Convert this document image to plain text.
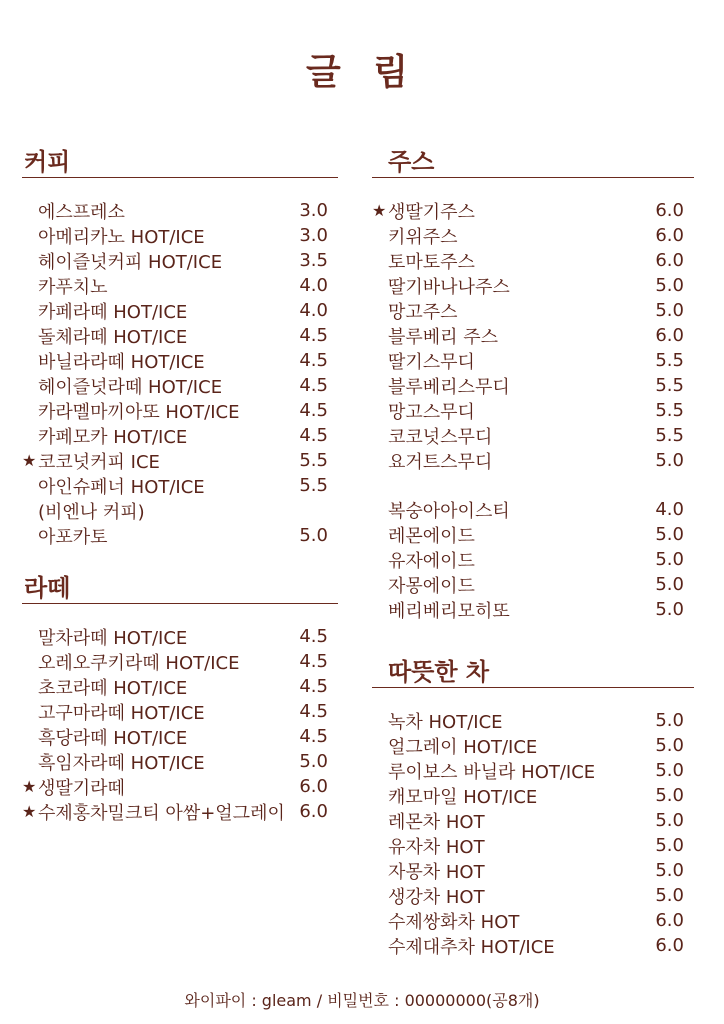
글 림
커피
에스프레소	3.0
아메리카노 HOT/ICE	3.0
헤이즐넛커피 HOT/ICE	3.5
카푸치노	4.0
카페라떼 HOT/ICE	4.0
돌체라떼 HOT/ICE	4.5
바닐라라떼 HOT/ICE	4.5
헤이즐넛라떼 HOT/ICE	4.5
카라멜마끼아또 HOT/ICE	4.5
카페모카 HOT/ICE	4.5
★ 코코넛커피 ICE	5.5
아인슈페너 HOT/ICE	5.5
(비엔나 커피)
아포카토	5.0
라떼
말차라떼 HOT/ICE	4.5
오레오쿠키라떼 HOT/ICE	4.5
초코라떼 HOT/ICE	4.5
고구마라떼 HOT/ICE	4.5
흑당라떼 HOT/ICE	4.5
흑임자라떼 HOT/ICE	5.0
★ 생딸기라떼	6.0
★ 수제홍차밀크티 아쌈+얼그레이 6.0
주스
★ 생딸기주스	6.0
키위주스	6.0
토마토주스	6.0
딸기바나나주스	5.0
망고주스	5.0
블루베리 주스	6.0
딸기스무디	5.5
블루베리스무디	5.5
망고스무디	5.5
코코넛스무디	5.5
요거트스무디	5.0
복숭아아이스티	4.0
레몬에이드	5.0
유자에이드	5.0
자몽에이드	5.0
베리베리모히또	5.0
따뜻한 차
녹차 HOT/ICE	5.0
얼그레이 HOT/ICE	5.0
루이보스 바닐라 HOT/ICE	5.0
캐모마일 HOT/ICE	5.0
레몬차 HOT	5.0
유자차 HOT	5.0
자몽차 HOT	5.0
생강차 HOT	5.0
수제쌍화차 HOT	6.0
수제대추차 HOT/ICE	6.0
와이파이 : gleam / 비밀번호 : 00000000(공8개)
